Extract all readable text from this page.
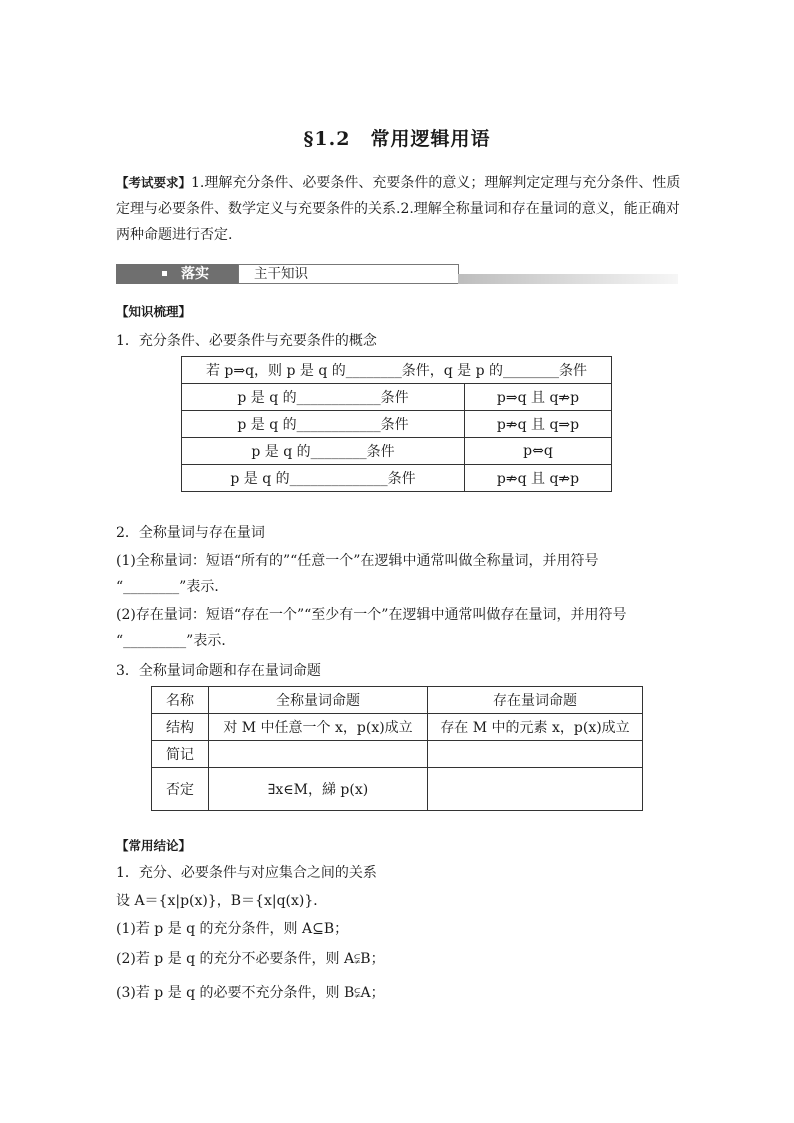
§1.2　常用逻辑用语
【考试要求】1.理解充分条件、必要条件、充要条件的意义；理解判定定理与充分条件、性质定理与必要条件、数学定义与充要条件的关系.2.理解全称量词和存在量词的意义，能正确对两种命题进行否定.
落实	主干知识
【知识梳理】
1．充分条件、必要条件与充要条件的概念
若 p⇒q，则 p 是 q 的________条件，q 是 p 的________条件	
p 是 q 的____________条件	p⇒q 且 q⇏p
p 是 q 的____________条件	p⇏q 且 q⇒p
p 是 q 的________条件	p⇔q
p 是 q 的______________条件	p⇏q 且 q⇏p
2．全称量词与存在量词
(1)全称量词：短语“所有的”“任意一个”在逻辑中通常叫做全称量词，并用符号
“________”表示．
(2)存在量词：短语“存在一个”“至少有一个”在逻辑中通常叫做存在量词，并用符号
“_________”表示．
3．全称量词命题和存在量词命题
名称	全称量词命题	存在量词命题
结构	对 M 中任意一个 x，p(x)成立	存在 M 中的元素 x，p(x)成立
简记		
否定	∃x∈M，綈 p(x)	
【常用结论】
1．充分、必要条件与对应集合之间的关系
设 A＝{x|p(x)}，B＝{x|q(x)}．
(1)若 p 是 q 的充分条件，则 A⊆B；
(2)若 p 是 q 的充分不必要条件，则 A⫋B；
(3)若 p 是 q 的必要不充分条件，则 B⫋A；
